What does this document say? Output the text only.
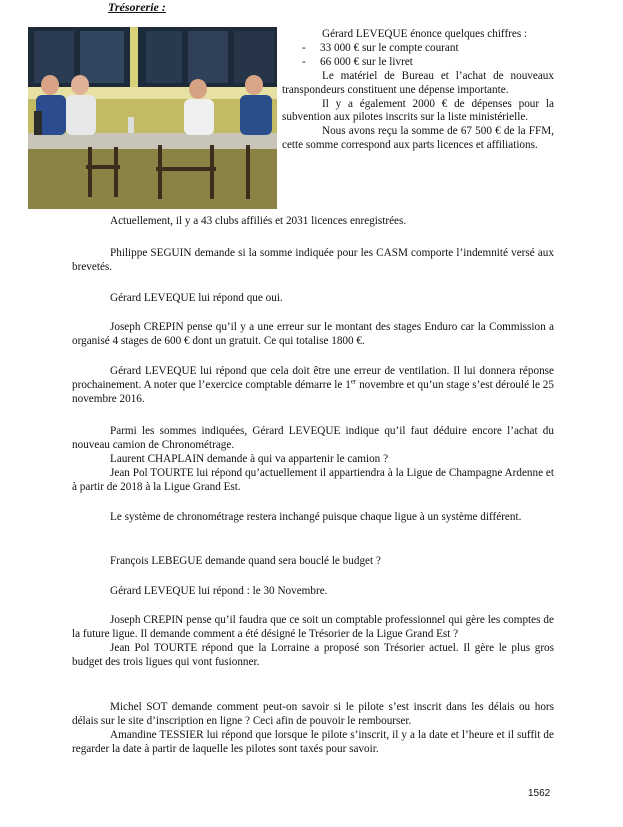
Trésorerie :

Gérard LEVEQUE énonce quelques chiffres :

- 33 000 € sur le compte courant
- 66 000 € sur le livret

Le matériel de Bureau et l’achat de nouveaux transpondeurs constituent une dépense importante.

Il y a également 2000 € de dépenses pour la subvention aux pilotes inscrits sur la liste ministérielle.

Nous avons reçu la somme de 67 500 € de la FFM, cette somme correspond aux parts licences et affiliations.

Actuellement, il y a 43 clubs affiliés et 2031 licences enregistrées.

Philippe SEGUIN demande si la somme indiquée pour les CASM comporte l’indemnité versé aux brevetés.

Gérard LEVEQUE lui répond que oui.

Joseph CREPIN pense qu’il y a une erreur sur le montant des stages Enduro car la Commission a organisé 4 stages de 600 € dont un gratuit. Ce qui totalise 1800 €.

Gérard LEVEQUE lui répond que cela doit être une erreur de ventilation. Il lui donnera réponse prochainement. A noter que l’exercice comptable démarre le 1er novembre et qu’un stage s’est déroulé le 25 novembre 2016.

Parmi les sommes indiquées, Gérard LEVEQUE indique qu’il faut déduire encore l’achat du nouveau camion de Chronométrage.

Laurent CHAPLAIN demande à qui va appartenir le camion ?

Jean Pol TOURTE lui répond qu’actuellement il appartiendra à la Ligue de Champagne Ardenne et à partir de 2018 à la Ligue Grand Est.

Le système de chronométrage restera inchangé puisque chaque ligue à un système différent.

François LEBEGUE demande quand sera bouclé le budget ?

Gérard LEVEQUE lui répond : le 30 Novembre.

Joseph CREPIN pense qu’il faudra que ce soit un comptable professionnel qui gère les comptes de la future ligue. Il demande comment a été désigné le Trésorier de la Ligue Grand Est ?

Jean Pol TOURTE répond que la Lorraine a proposé son Trésorier actuel. Il gère le plus gros budget des trois ligues qui vont fusionner.

Michel SOT demande comment peut-on savoir si le pilote s’est inscrit dans les délais ou hors délais sur le site d’inscription en ligne ? Ceci afin de pouvoir le rembourser.

Amandine TESSIER lui répond que lorsque le pilote s’inscrit, il y a la date et l’heure et il suffit de regarder la date à partir de laquelle les pilotes sont taxés pour savoir.

1562
